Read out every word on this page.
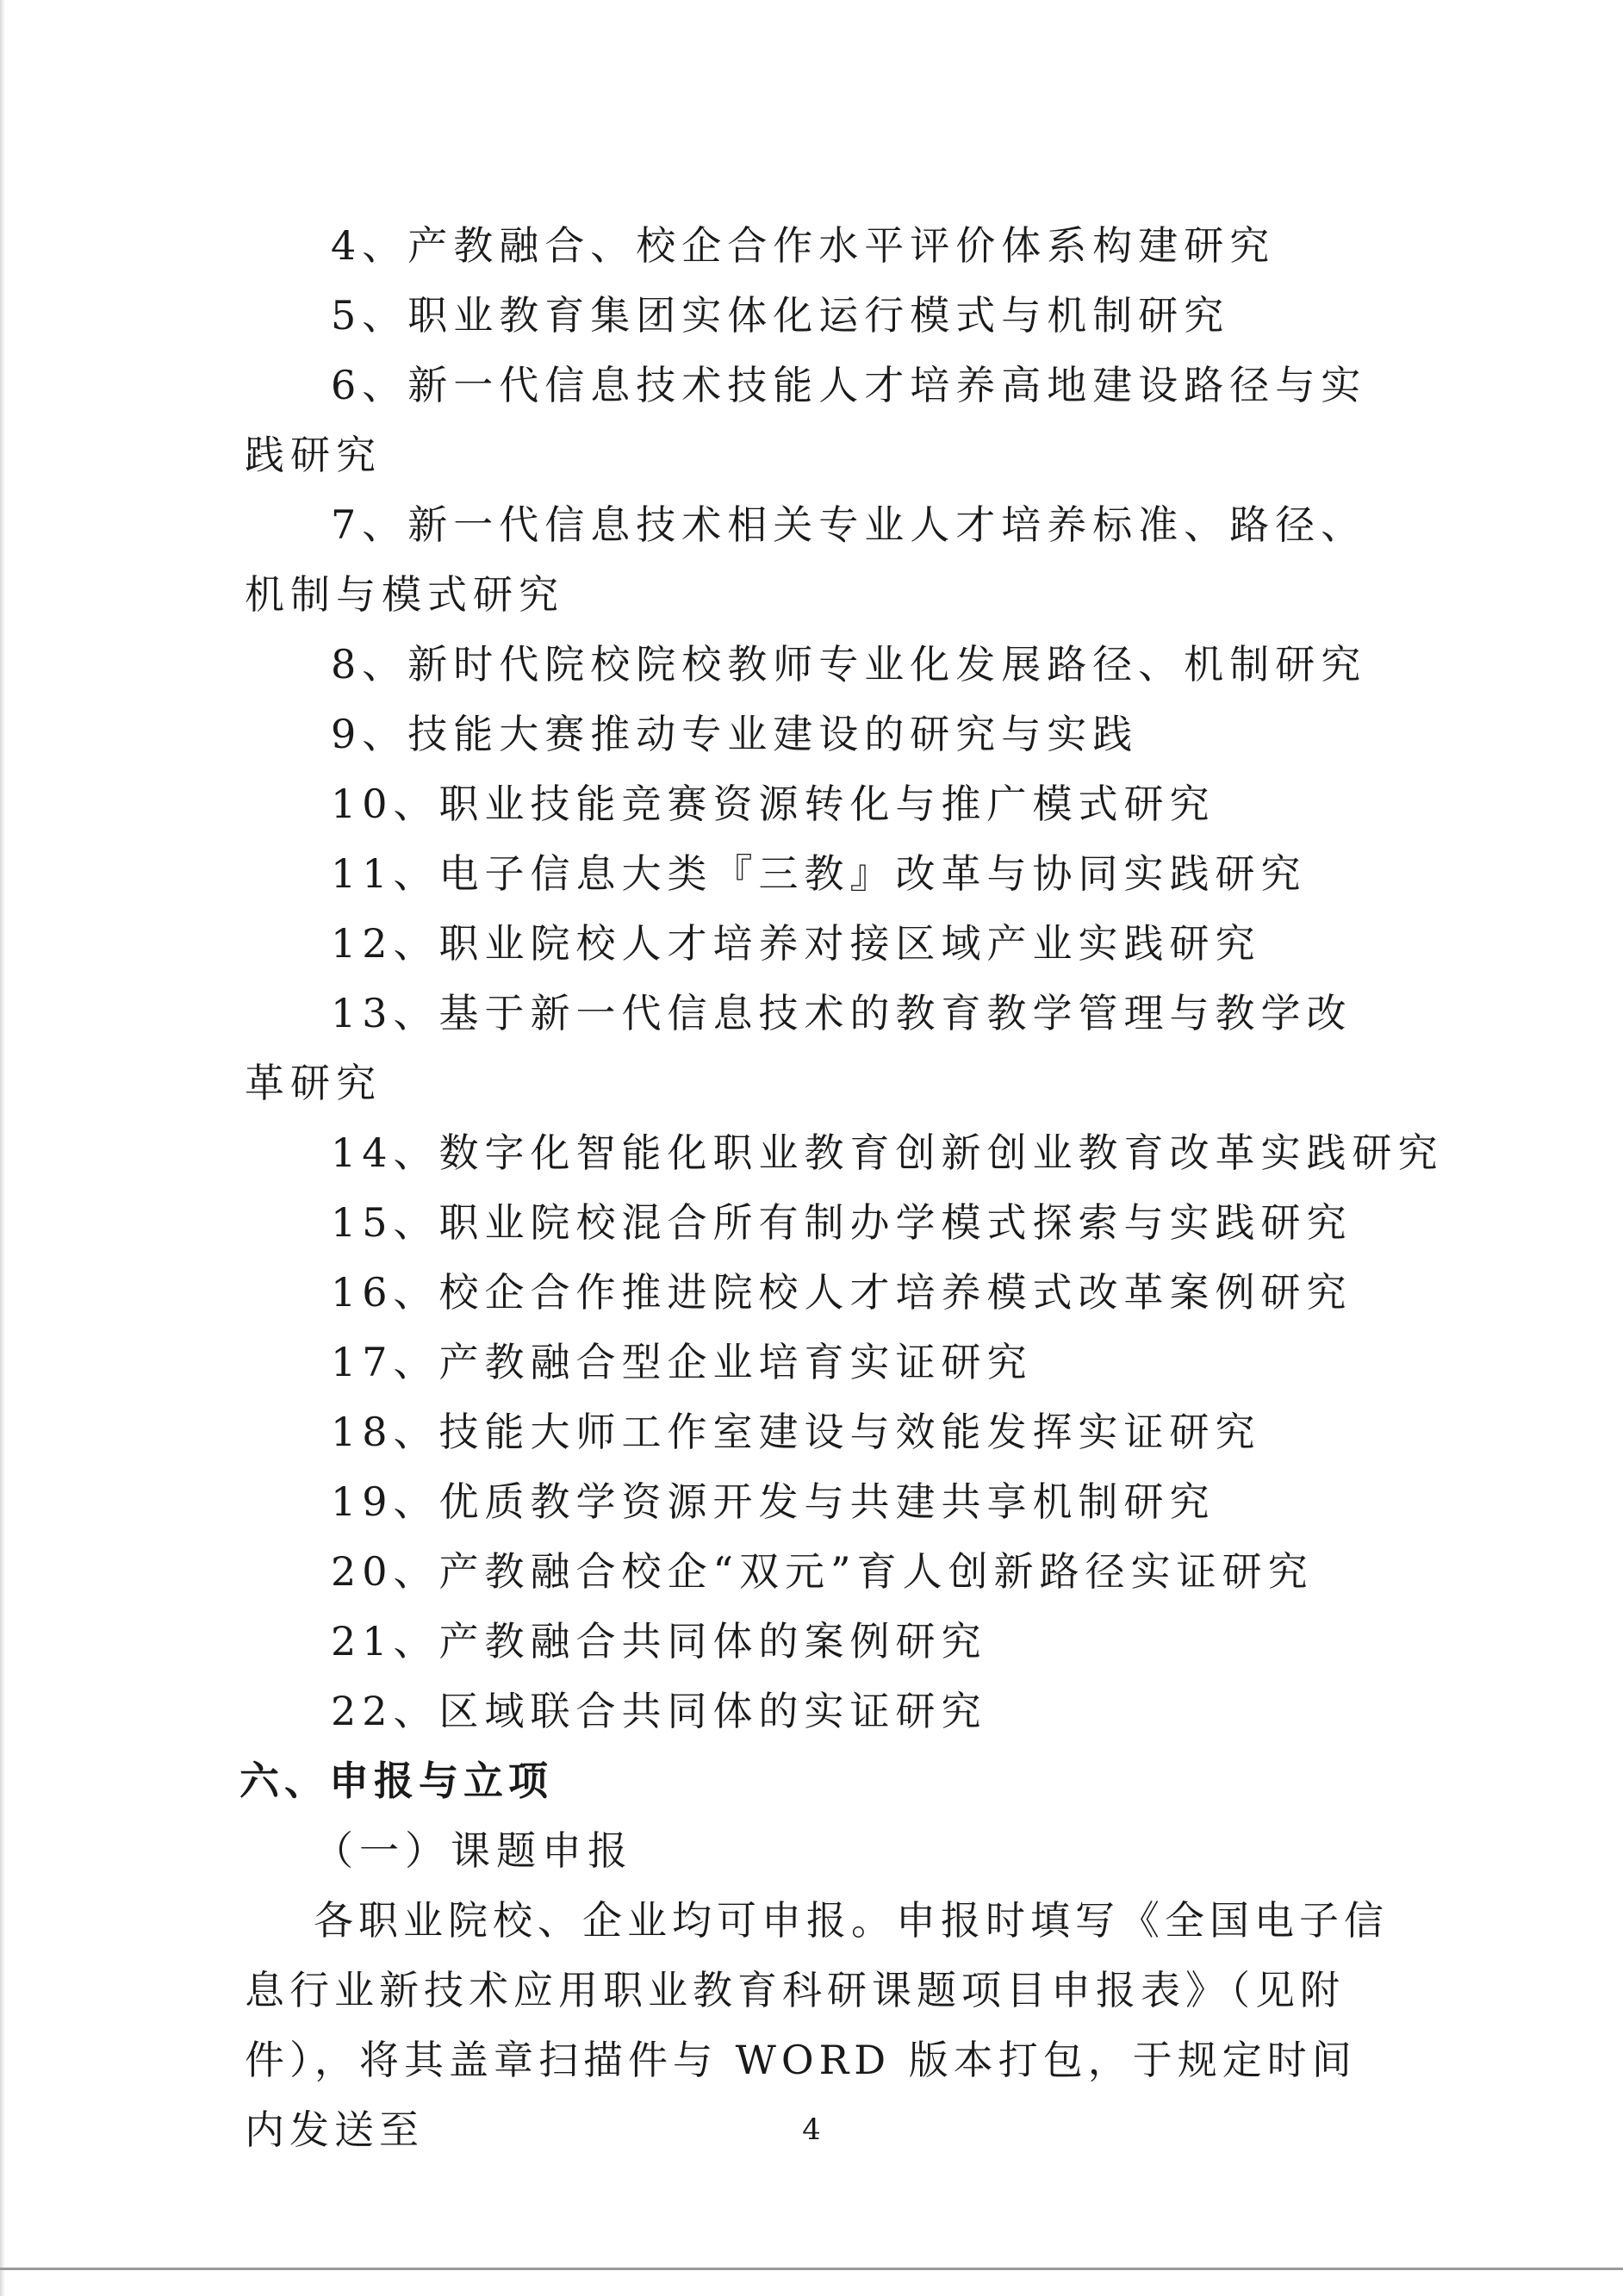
4、产教融合、校企合作水平评价体系构建研究
5、职业教育集团实体化运行模式与机制研究
6、新一代信息技术技能人才培养高地建设路径与实践研究
7、新一代信息技术相关专业人才培养标准、路径、机制与模式研究
8、新时代院校院校教师专业化发展路径、机制研究
9、技能大赛推动专业建设的研究与实践
10、职业技能竞赛资源转化与推广模式研究
11、电子信息大类『三教』改革与协同实践研究
12、职业院校人才培养对接区域产业实践研究
13、基于新一代信息技术的教育教学管理与教学改革研究
14、数字化智能化职业教育创新创业教育改革实践研究
15、职业院校混合所有制办学模式探索与实践研究
16、校企合作推进院校人才培养模式改革案例研究
17、产教融合型企业培育实证研究
18、技能大师工作室建设与效能发挥实证研究
19、优质教学资源开发与共建共享机制研究
20、产教融合校企“双元”育人创新路径实证研究
21、产教融合共同体的案例研究
22、区域联合共同体的实证研究
六、申报与立项
（一）课题申报
各职业院校、企业均可申报。申报时填写《全国电子信息行业新技术应用职业教育科研课题项目申报表》（见附件），将其盖章扫描件与 WORD 版本打包，于规定时间内发送至	4
